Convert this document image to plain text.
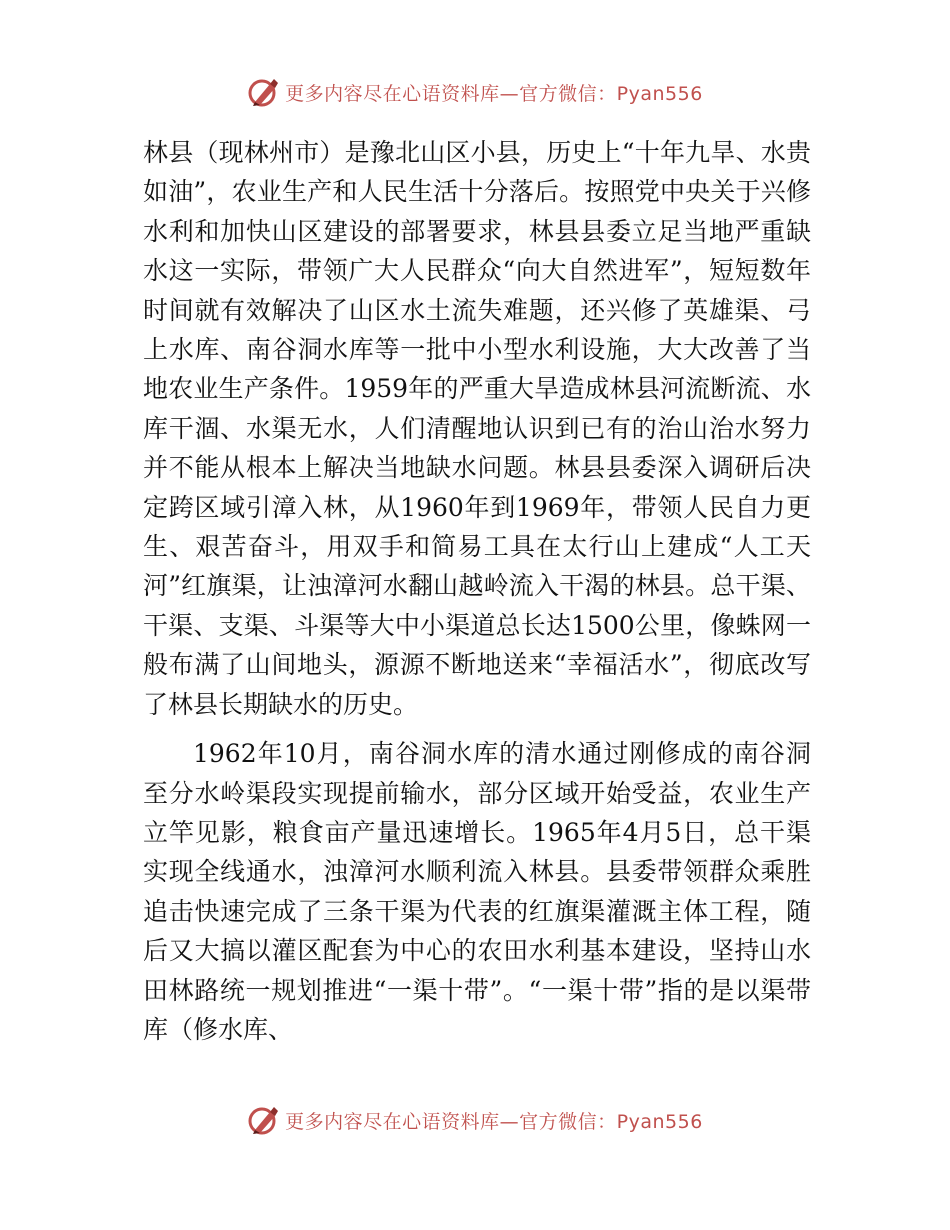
更多内容尽在心语资料库—官方微信：Pyan556

林县（现林州市）是豫北山区小县，历史上“十年九旱、水贵如油”，农业生产和人民生活十分落后。按照党中央关于兴修水利和加快山区建设的部署要求，林县县委立足当地严重缺水这一实际，带领广大人民群众“向大自然进军”，短短数年时间就有效解决了山区水土流失难题，还兴修了英雄渠、弓上水库、南谷洞水库等一批中小型水利设施，大大改善了当地农业生产条件。1959年的严重大旱造成林县河流断流、水库干涸、水渠无水，人们清醒地认识到已有的治山治水努力并不能从根本上解决当地缺水问题。林县县委深入调研后决定跨区域引漳入林，从1960年到1969年，带领人民自力更生、艰苦奋斗，用双手和简易工具在太行山上建成“人工天河”红旗渠，让浊漳河水翻山越岭流入干渴的林县。总干渠、干渠、支渠、斗渠等大中小渠道总长达1500公里，像蛛网一般布满了山间地头，源源不断地送来“幸福活水”，彻底改写了林县长期缺水的历史。

1962年10月，南谷洞水库的清水通过刚修成的南谷洞至分水岭渠段实现提前输水，部分区域开始受益，农业生产立竿见影，粮食亩产量迅速增长。1965年4月5日，总干渠实现全线通水，浊漳河水顺利流入林县。县委带领群众乘胜追击快速完成了三条干渠为代表的红旗渠灌溉主体工程，随后又大搞以灌区配套为中心的农田水利基本建设，坚持山水田林路统一规划推进“一渠十带”。“一渠十带”指的是以渠带库（修水库、

更多内容尽在心语资料库—官方微信：Pyan556
